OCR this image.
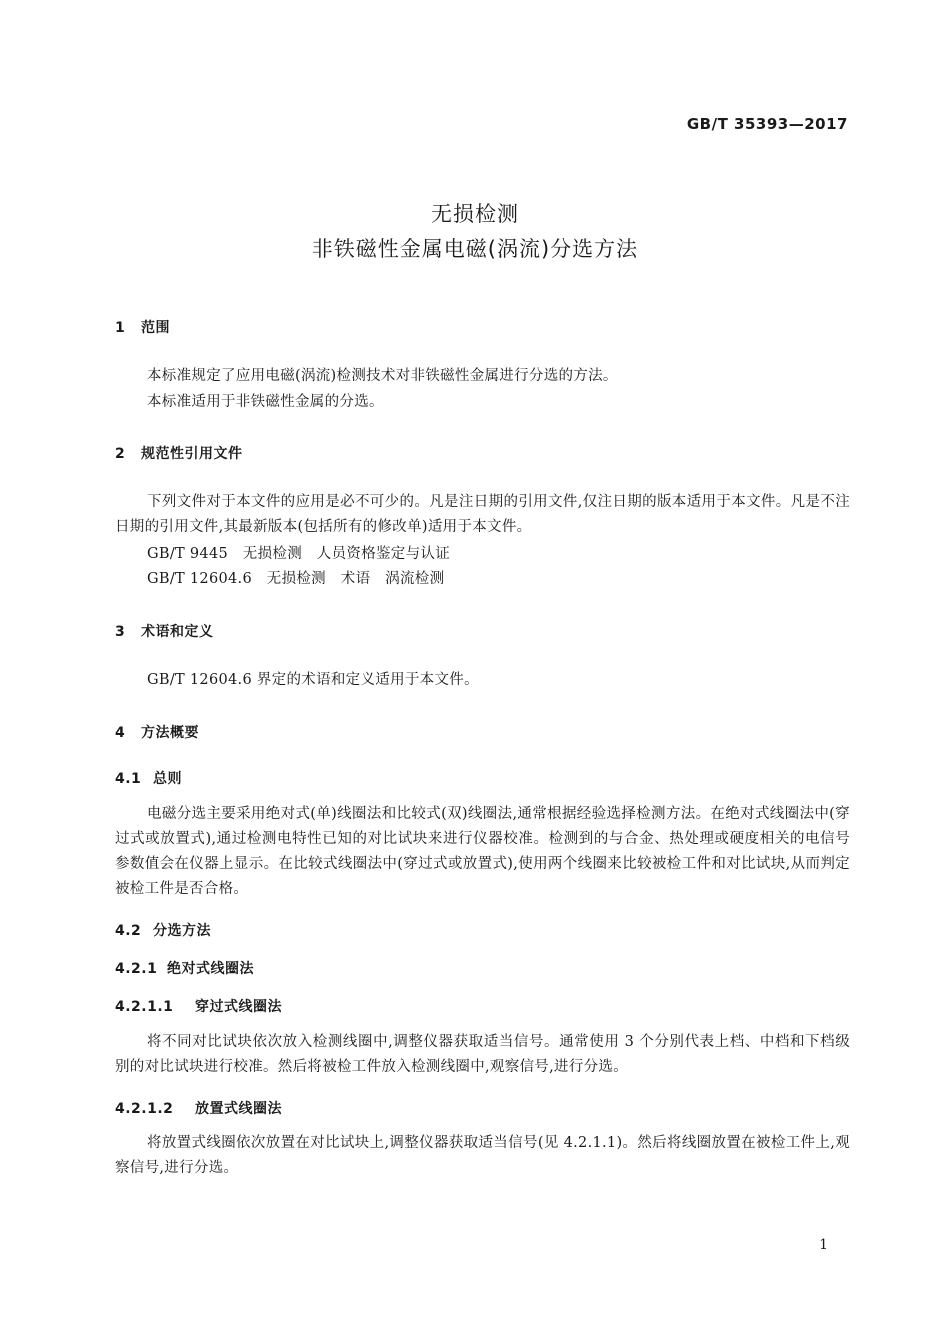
GB/T 35393—2017
无损检测
非铁磁性金属电磁(涡流)分选方法
1 范围
本标准规定了应用电磁(涡流)检测技术对非铁磁性金属进行分选的方法。
本标准适用于非铁磁性金属的分选。
2 规范性引用文件
下列文件对于本文件的应用是必不可少的。凡是注日期的引用文件,仅注日期的版本适用于本文件。凡是不注日期的引用文件,其最新版本(包括所有的修改单)适用于本文件。
GB/T 9445　无损检测　人员资格鉴定与认证
GB/T 12604.6　无损检测　术语　涡流检测
3 术语和定义
GB/T 12604.6 界定的术语和定义适用于本文件。
4 方法概要
4.1 总则
电磁分选主要采用绝对式(单)线圈法和比较式(双)线圈法,通常根据经验选择检测方法。在绝对式线圈法中(穿过式或放置式),通过检测电特性已知的对比试块来进行仪器校准。检测到的与合金、热处理或硬度相关的电信号参数值会在仪器上显示。在比较式线圈法中(穿过式或放置式),使用两个线圈来比较被检工件和对比试块,从而判定被检工件是否合格。
4.2 分选方法
4.2.1 绝对式线圈法
4.2.1.1 穿过式线圈法
将不同对比试块依次放入检测线圈中,调整仪器获取适当信号。通常使用 3 个分别代表上档、中档和下档级别的对比试块进行校准。然后将被检工件放入检测线圈中,观察信号,进行分选。
4.2.1.2 放置式线圈法
将放置式线圈依次放置在对比试块上,调整仪器获取适当信号(见 4.2.1.1)。然后将线圈放置在被检工件上,观察信号,进行分选。
1
